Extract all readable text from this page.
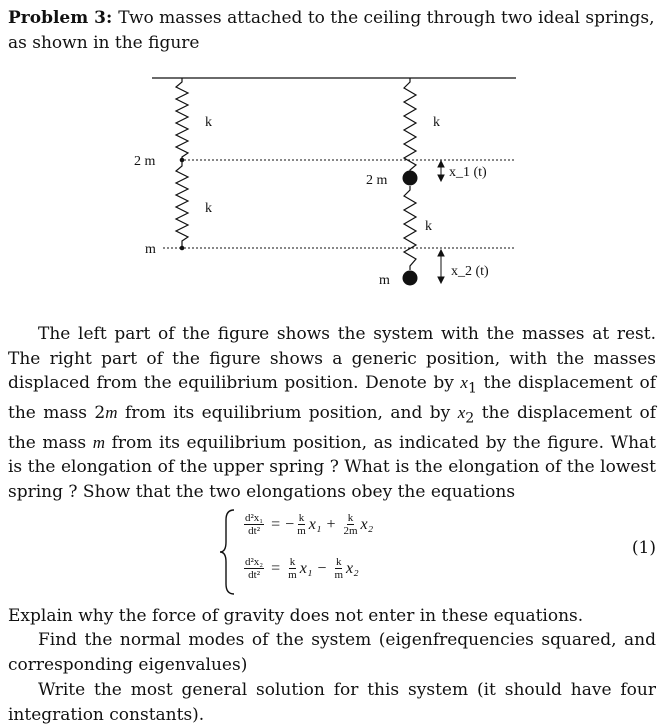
Problem 3: Two masses attached to the ceiling through two ideal springs, as shown in the figure

k
2 m
k
m
k
2 m
x_1 (t)
k
m
x_2 (t)

The left part of the figure shows the system with the masses at rest. The right part of the figure shows a generic position, with the masses displaced from the equilibrium position. Denote by $x_1$ the displacement of the mass 2m from its equilibrium position, and by $x_2$ the displacement of the mass m from its equilibrium position, as indicated by the figure. What is the elongation of the upper spring ? What is the elongation of the lowest spring ? Show that the two elongations obey the equations

$\frac{\text{d²x₁}}{\text{dt²}}$ = − $\frac{k}{m} x_1 + \frac{k}{2m} x_2$
$\frac{\text{d²x₂}}{\text{dt²}} = \frac{k}{m} x_1 - \frac{k}{m} x_2$
(1)

Explain why the force of gravity does not enter in these equations.

Find the normal modes of the system (eigenfrequencies squared, and corresponding eigenvalues)

Write the most general solution for this system (it should have four integration constants).
